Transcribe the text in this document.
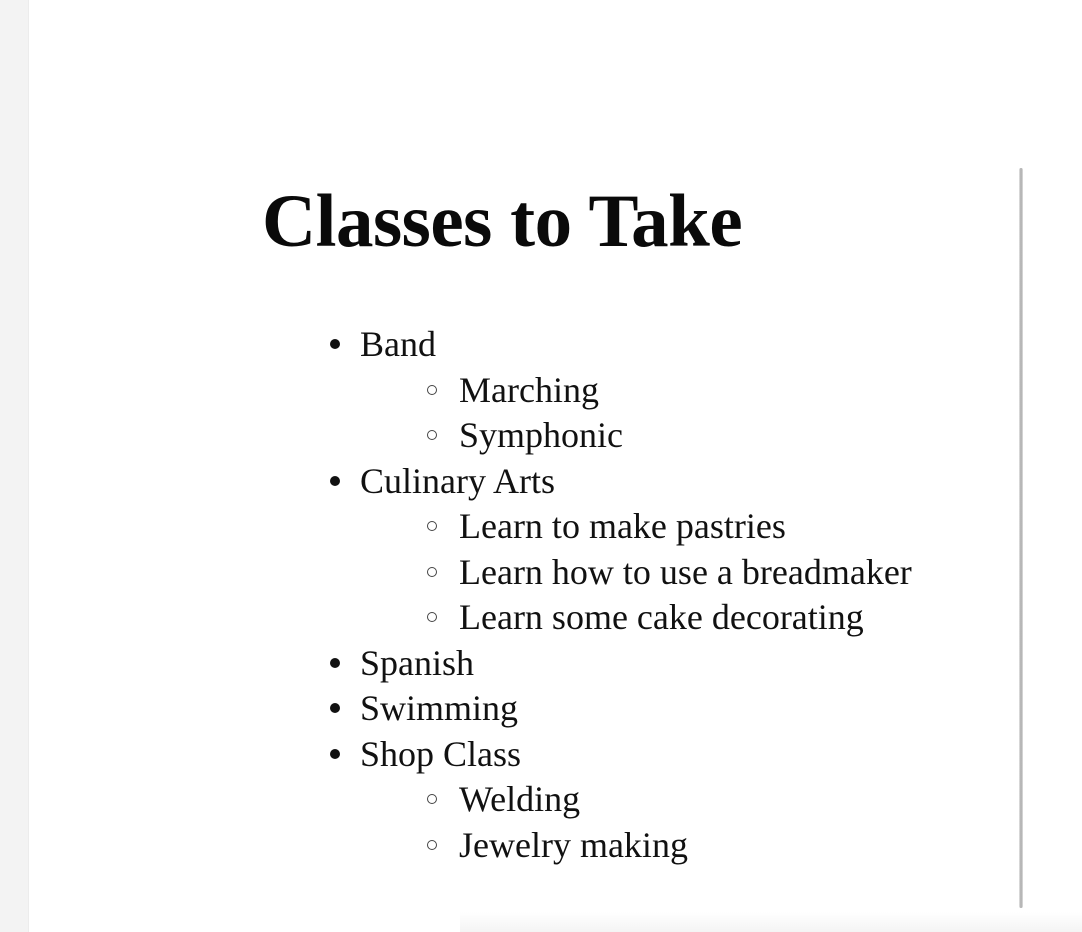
Classes to Take
Band
Marching
Symphonic
Culinary Arts
Learn to make pastries
Learn how to use a breadmaker
Learn some cake decorating
Spanish
Swimming
Shop Class
Welding
Jewelry making
